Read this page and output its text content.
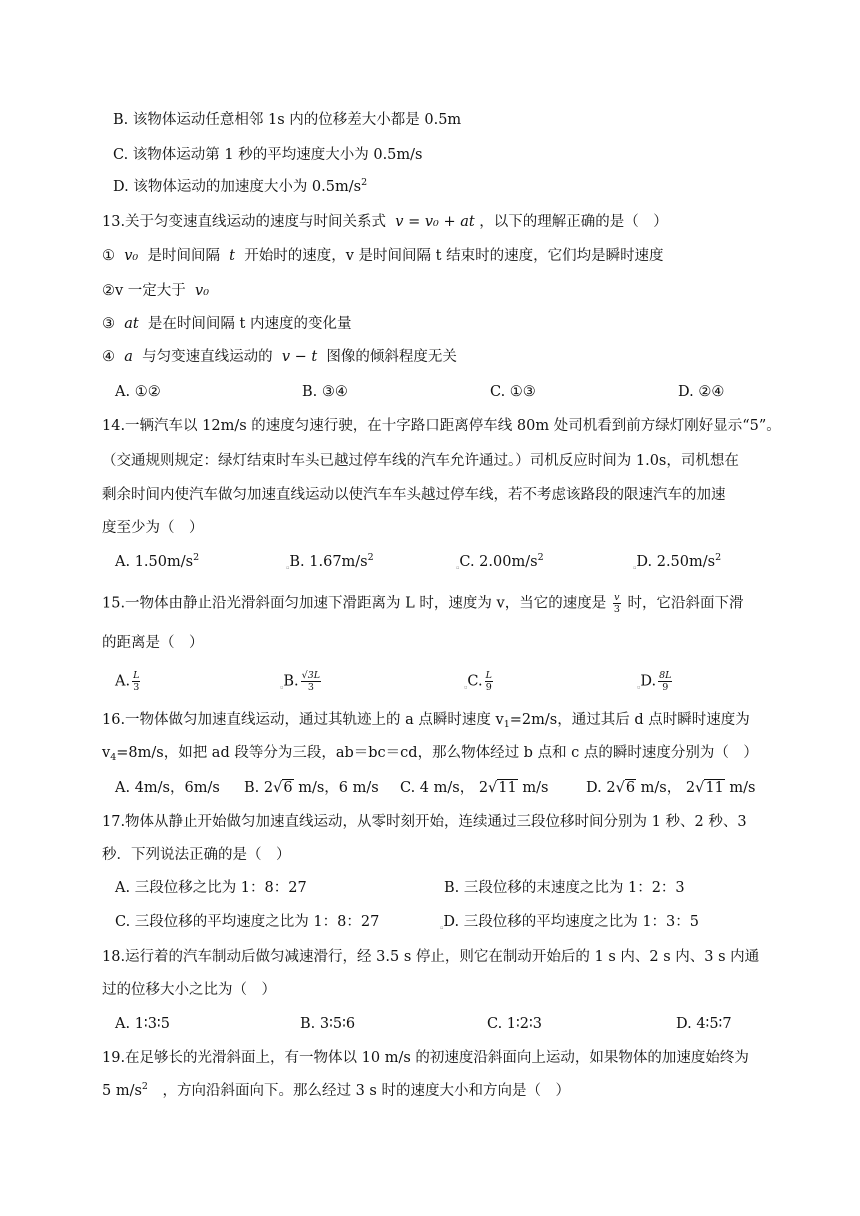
B. 该物体运动任意相邻 1s 内的位移差大小都是 0.5m
C. 该物体运动第 1 秒的平均速度大小为 0.5m/s
D. 该物体运动的加速度大小为 $0.5m/s^2$
13.关于匀变速直线运动的速度与时间关系式 v = v₀ + at ，以下的理解正确的是（　）
① v₀ 是时间间隔 t 开始时的速度，v 是时间间隔 t 结束时的速度，它们均是瞬时速度
②v 一定大于 v₀
③ at 是在时间间隔 t 内速度的变化量
④ a 与匀变速直线运动的 v − t 图像的倾斜程度无关
A. ①②	B. ③④	C. ①③	D. ②④
14.一辆汽车以 12m/s 的速度匀速行驶，在十字路口距离停车线 80m 处司机看到前方绿灯刚好显示“5”。
（交通规则规定：绿灯结束时车头已越过停车线的汽车允许通过。）司机反应时间为 1.0s，司机想在
剩余时间内使汽车做匀加速直线运动以使汽车车头越过停车线，若不考虑该路段的限速汽车的加速
度至少为（　）
A. $1.50m/s^2$
$_▫$B. $1.67m/s^2$
$_▫$C. $2.00m/s^2$
$_▫$D. $2.50m/s^2$
15.一物体由静止沿光滑斜面匀加速下滑距离为 L 时，速度为 v，当它的速度是 $\frac{v}{3}$ 时，它沿斜面下滑
的距离是（　）
A. $\frac{L}{3}$	$_▫$B. $\frac{√3L}{3}$	$_▫$C. $\frac{L}{9}$	$_▫$D. $\frac{8L}{9}$
16.一物体做匀加速直线运动，通过其轨迹上的 a 点瞬时速度 $v_1=2m/s$，通过其后 d 点时瞬时速度为
$v_4=8m/s$，如把 ad 段等分为三段，ab＝bc＝cd，那么物体经过 b 点和 c 点的瞬时速度分别为（　）
A. 4m/s，6m/s B. 2√6 m/s，6 m/s C. 4 m/s， 2√11 m/s	D. 2√6 m/s， 2√11 m/s
17.物体从静止开始做匀加速直线运动，从零时刻开始，连续通过三段位移时间分别为 1 秒、2 秒、3
秒．下列说法正确的是（　）
A. 三段位移之比为 1：8：27	B. 三段位移的末速度之比为 1：2：3
C. 三段位移的平均速度之比为 1：8：27	$_▫$D. 三段位移的平均速度之比为 1：3：5
18.运行着的汽车制动后做匀减速滑行，经 3.5 s 停止，则它在制动开始后的 1 s 内、2 s 内、3 s 内通
过的位移大小之比为（　）
A. 1∶3∶5	B. 3∶5∶6	C. 1∶2∶3	D. 4∶5∶7
19.在足够长的光滑斜面上，有一物体以 10 m/s 的初速度沿斜面向上运动，如果物体的加速度始终为
5 $m/s^2$　，方向沿斜面向下。那么经过 3 s 时的速度大小和方向是（　）
